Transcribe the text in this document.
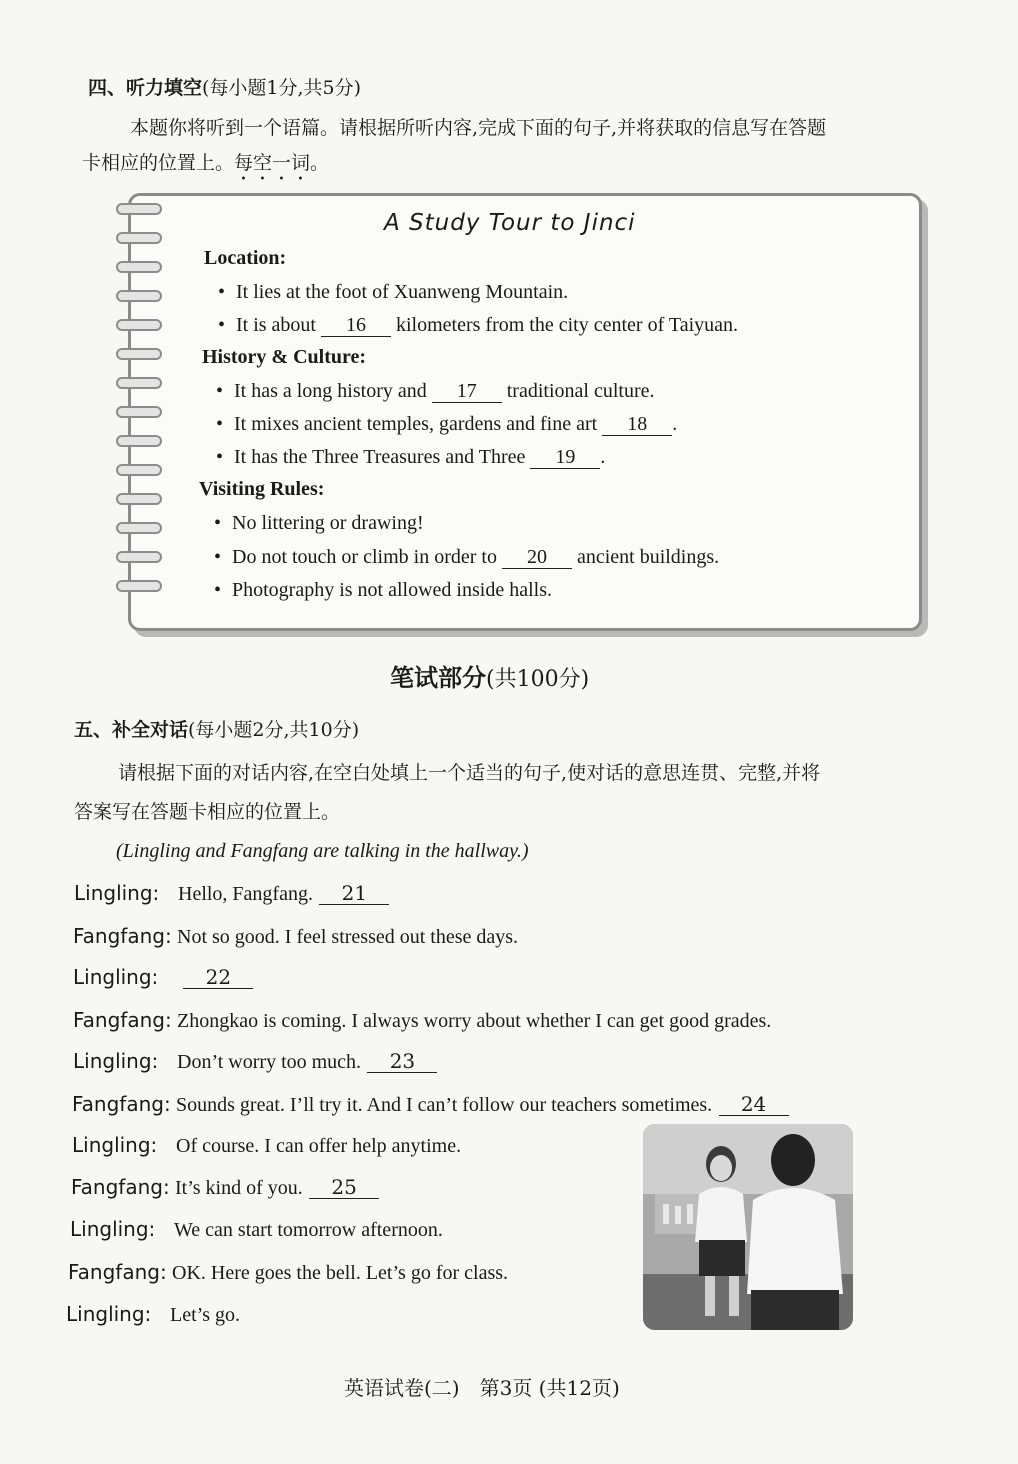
四、听力填空(每小题1分,共5分)
本题你将听到一个语篇。请根据所听内容,完成下面的句子,并将获取的信息写在答题
卡相应的位置上。每空一词。
A Study Tour to Jinci
Location:
• It lies at the foot of Xuanweng Mountain.
• It is about 16 kilometers from the city center of Taiyuan.
History & Culture:
• It has a long history and 17 traditional culture.
• It mixes ancient temples, gardens and fine art 18 .
• It has the Three Treasures and Three 19 .
Visiting Rules:
• No littering or drawing!
• Do not touch or climb in order to 20 ancient buildings.
• Photography is not allowed inside halls.
笔试部分(共100分)
五、补全对话(每小题2分,共10分)
请根据下面的对话内容,在空白处填上一个适当的句子,使对话的意思连贯、完整,并将
答案写在答题卡相应的位置上。
(Lingling and Fangfang are talking in the hallway.)
Lingling: Hello, Fangfang. 21
Fangfang: Not so good. I feel stressed out these days.
Lingling: 22
Fangfang: Zhongkao is coming. I always worry about whether I can get good grades.
Lingling: Don’t worry too much. 23
Fangfang: Sounds great. I’ll try it. And I can’t follow our teachers sometimes. 24
Lingling: Of course. I can offer help anytime.
Fangfang: It’s kind of you. 25
Lingling: We can start tomorrow afternoon.
Fangfang: OK. Here goes the bell. Let’s go for class.
Lingling: Let’s go.
英语试卷(二)　第3页 (共12页)
